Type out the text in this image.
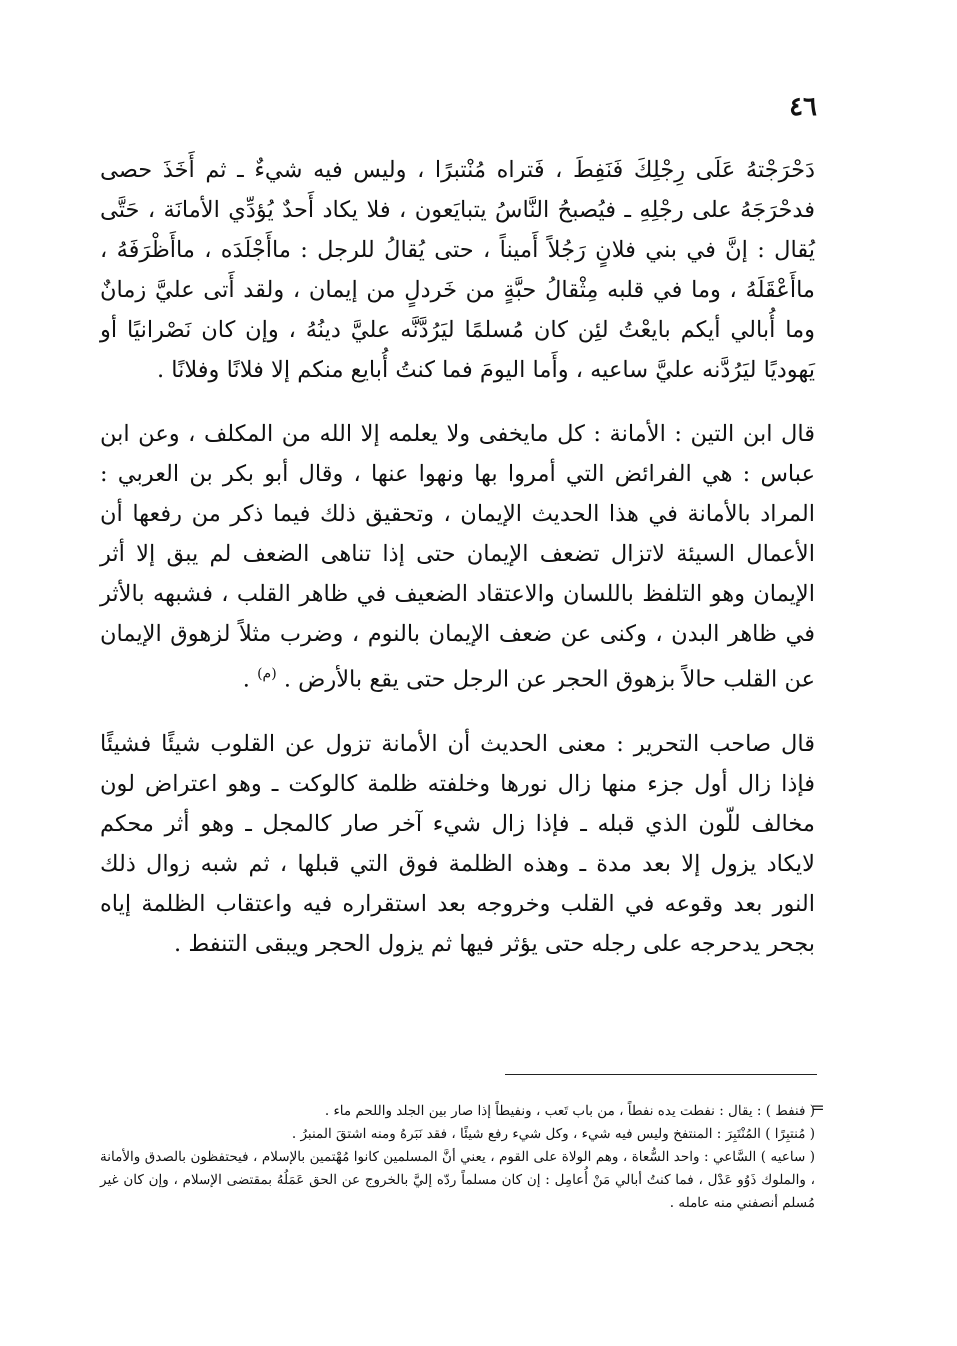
٤٦

دَحْرَجْتهُ عَلَى رِجْلِكَ فَنَفِطَ ، فَتراه مُنْتبرًا ، وليس فيه شيءٌ ـ ثم أَخَذَ حصى فدحْرَجَهُ على رجْلِهِ ـ فيُصبحُ النَّاسُ يتبايَعون ، فلا يكاد أَحدٌ يُؤدِّي الأمانَة ، حَتَّى يُقال : إنَّ في بني فلانٍ رَجُلاً أَميناً ، حتى يُقالُ للرجل : ماأَجْلَدَه ، ماأَظْرَفَهُ ، ماأَعْقَلَهُ ، وما في قلبه مِثْقالُ حبَّةٍ من خَردلٍ من إيمان ، ولقد أَتى عليَّ زمانٌ وما أُبالي أيكم بايعْتُ لئِن كان مُسلمًا ليَرُدَّنَّه عليَّ دينُهُ ، وإن كان نَصْرانيًا أو يَهوديًا ليَرُدَّنه عليَّ ساعيه ، وأَما اليومَ فما كنتُ أُبايع منكم إلا فلانًا وفلانًا .

قال ابن التين : الأمانة : كل مايخفى ولا يعلمه إلا الله من المكلف ، وعن ابن عباس : هي الفرائض التي أمروا بها ونهوا عنها ، وقال أبو بكر بن العربي : المراد بالأمانة في هذا الحديث الإيمان ، وتحقيق ذلك فيما ذكر من رفعها أن الأعمال السيئة لاتزال تضعف الإيمان حتى إذا تناهى الضعف لم يبق إلا أثر الإيمان وهو التلفظ باللسان والاعتقاد الضعيف في ظاهر القلب ، فشبهه بالأثر في ظاهر البدن ، وكنى عن ضعف الإيمان بالنوم ، وضرب مثلاً لزهوق الإيمان عن القلب حالاً بزهوق الحجر عن الرجل حتى يقع بالأرض . $^{(م)}$ .

قال صاحب التحرير : معنى الحديث أن الأمانة تزول عن القلوب شيئًا فشيئًا فإذا زال أول جزء منها زال نورها وخلفته ظلمة كالوكت ـ وهو اعتراض لون مخالف للّون الذي قبله ـ فإذا زال شيء آخر صار كالمجل ـ وهو أثر محكم لايكاد يزول إلا بعد مدة ـ وهذه الظلمة فوق التي قبلها ، ثم شبه زوال ذلك النور بعد وقوعه في القلب وخروجه بعد استقراره فيه واعتقاب الظلمة إياه بجحر يدحرجه على رجله حتى يؤثر فيها ثم يزول الحجر ويبقى التنفط .

=

( فنفط ) : يقال : نفطت يده نفطاً ، من باب تَعب ، ونفيطاً إذا صار بين الجلد واللحم ماء .

( مُنتبِرًا ) المُنْتَبِرَ : المنتفخ وليس فيه شيء ، وكل شيء رفع شيئًا ، فقد نَبَرهُ ومنه اشتقَ المنبرُ .

( ساعيه ) السَّاعي : واحد السُّعاة ، وهم الولاة على القوم ، يعني أنَّ المسلمين كانوا مُهْتمين بالإسلام ، فيحتفظون بالصدق والأمانة ، والملوك ذَوُو عَدْل ، فما كنتُ أبالي مَنْ أُعامِل : إن كان مسلماً ردّه إليَّ بالخروج عن الحق عَمَلُهُ بمقتضى الإسلام ، وإن كان غير مُسلم أنصفني منه عامله .
